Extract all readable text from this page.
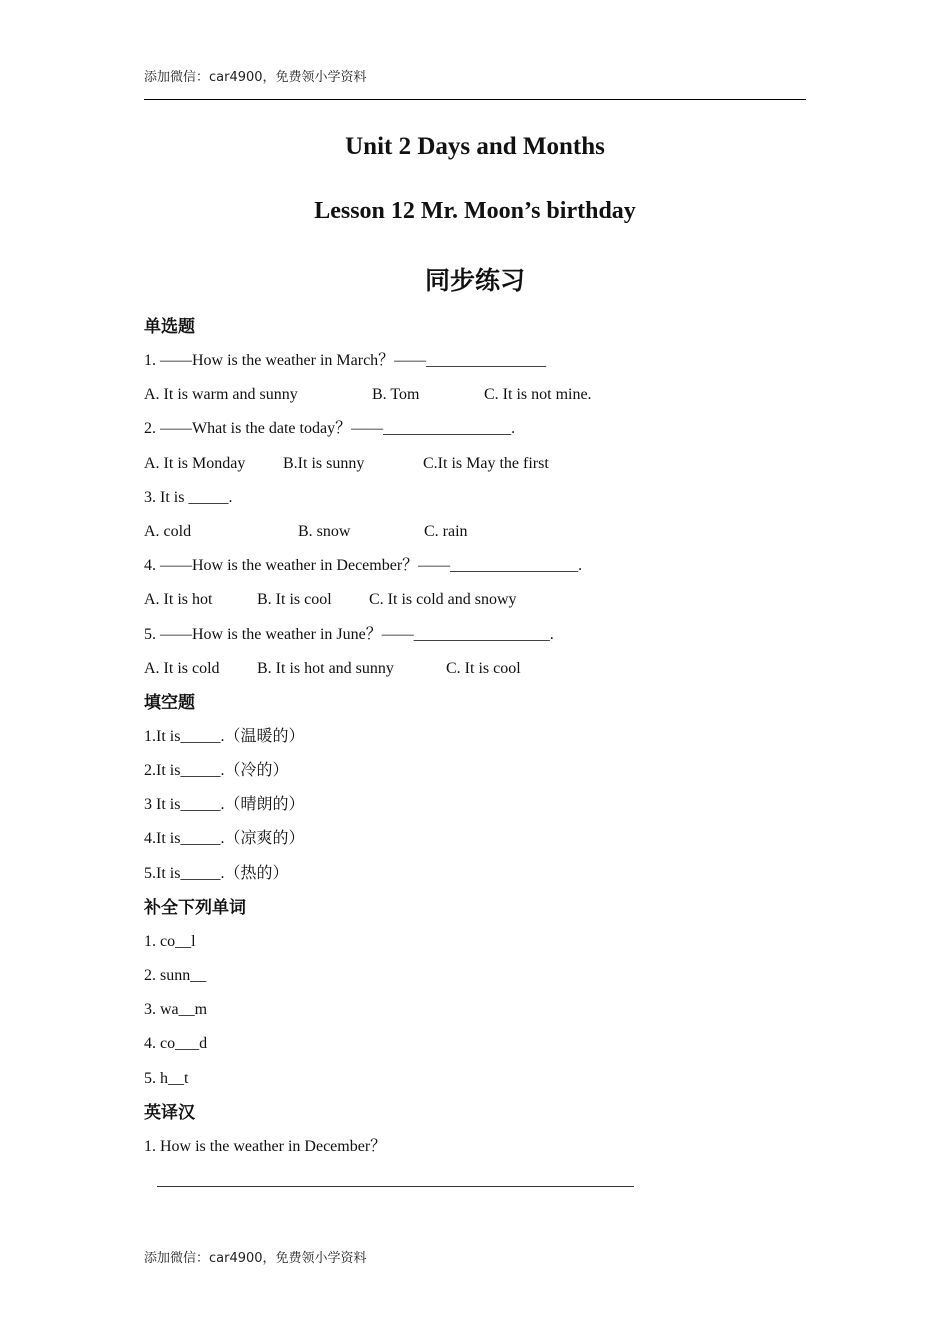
添加微信：car4900，免费领小学资料
Unit 2 Days and Months
Lesson 12 Mr. Moon’s birthday
同步练习
单选题
1. ——How is the weather in March？——_______________
A. It is warm and sunny	B. Tom	C. It is not mine.
2. ——What is the date today？——________________.
A. It is Monday B.It is sunny	C.It is May the first
3. It is _____.
A. cold	B. snow	C. rain
4. ——How is the weather in December？——________________.
A. It is hot	B. It is cool C. It is cold and snowy
5. ——How is the weather in June？——_________________.
A. It is cold B. It is hot and sunny	C. It is cool
填空题
1.It is_____.（温暖的）
2.It is_____.（冷的）
3 It is_____.（晴朗的）
4.It is_____.（凉爽的）
5.It is_____.（热的）
补全下列单词
1. co__l
2. sunn__
3. wa__m
4. co___d
5. h__t
英译汉
1. How is the weather in December？
添加微信：car4900，免费领小学资料
